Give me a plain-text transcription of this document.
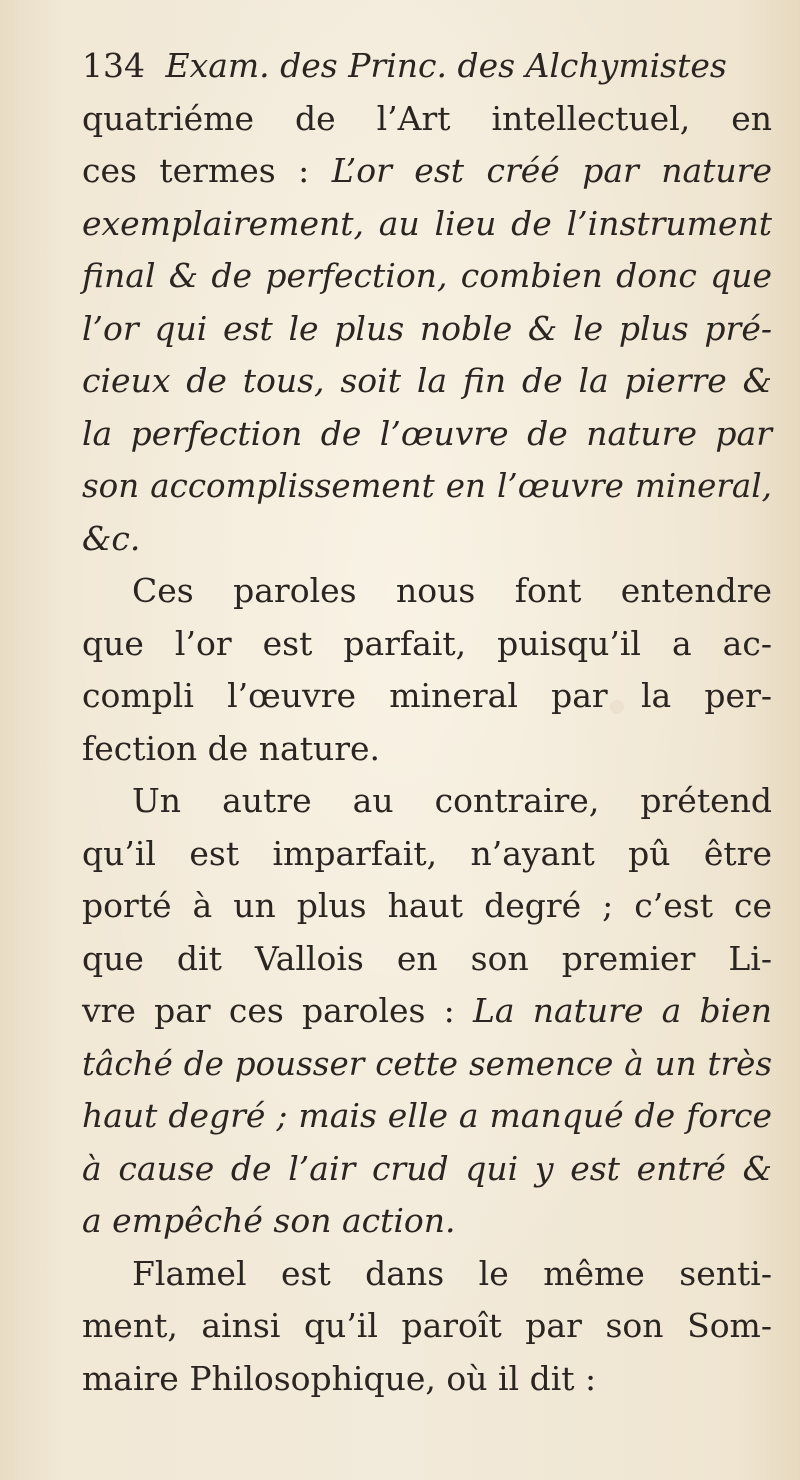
134 Exam. des Princ. des Alchymistes
quatriéme de l’Art intellectuel, en
ces termes : L’or est créé par nature
exemplairement, au lieu de l’instrument
final & de perfection, combien donc que
l’or qui est le plus noble & le plus pré-
cieux de tous, soit la fin de la pierre &
la perfection de l’œuvre de nature par
son accomplissement en l’œuvre mineral,
&c.
Ces paroles nous font entendre
que l’or est parfait, puisqu’il a ac-
compli l’œuvre mineral par la per-
fection de nature.
Un autre au contraire, prétend
qu’il est imparfait, n’ayant pû être
porté à un plus haut degré ; c’est ce
que dit Vallois en son premier Li-
vre par ces paroles : La nature a bien
tâché de pousser cette semence à un très
haut degré ; mais elle a manqué de force
à cause de l’air crud qui y est entré &
a empêché son action.
Flamel est dans le même senti-
ment, ainsi qu’il paroît par son Som-
maire Philosophique, où il dit :
